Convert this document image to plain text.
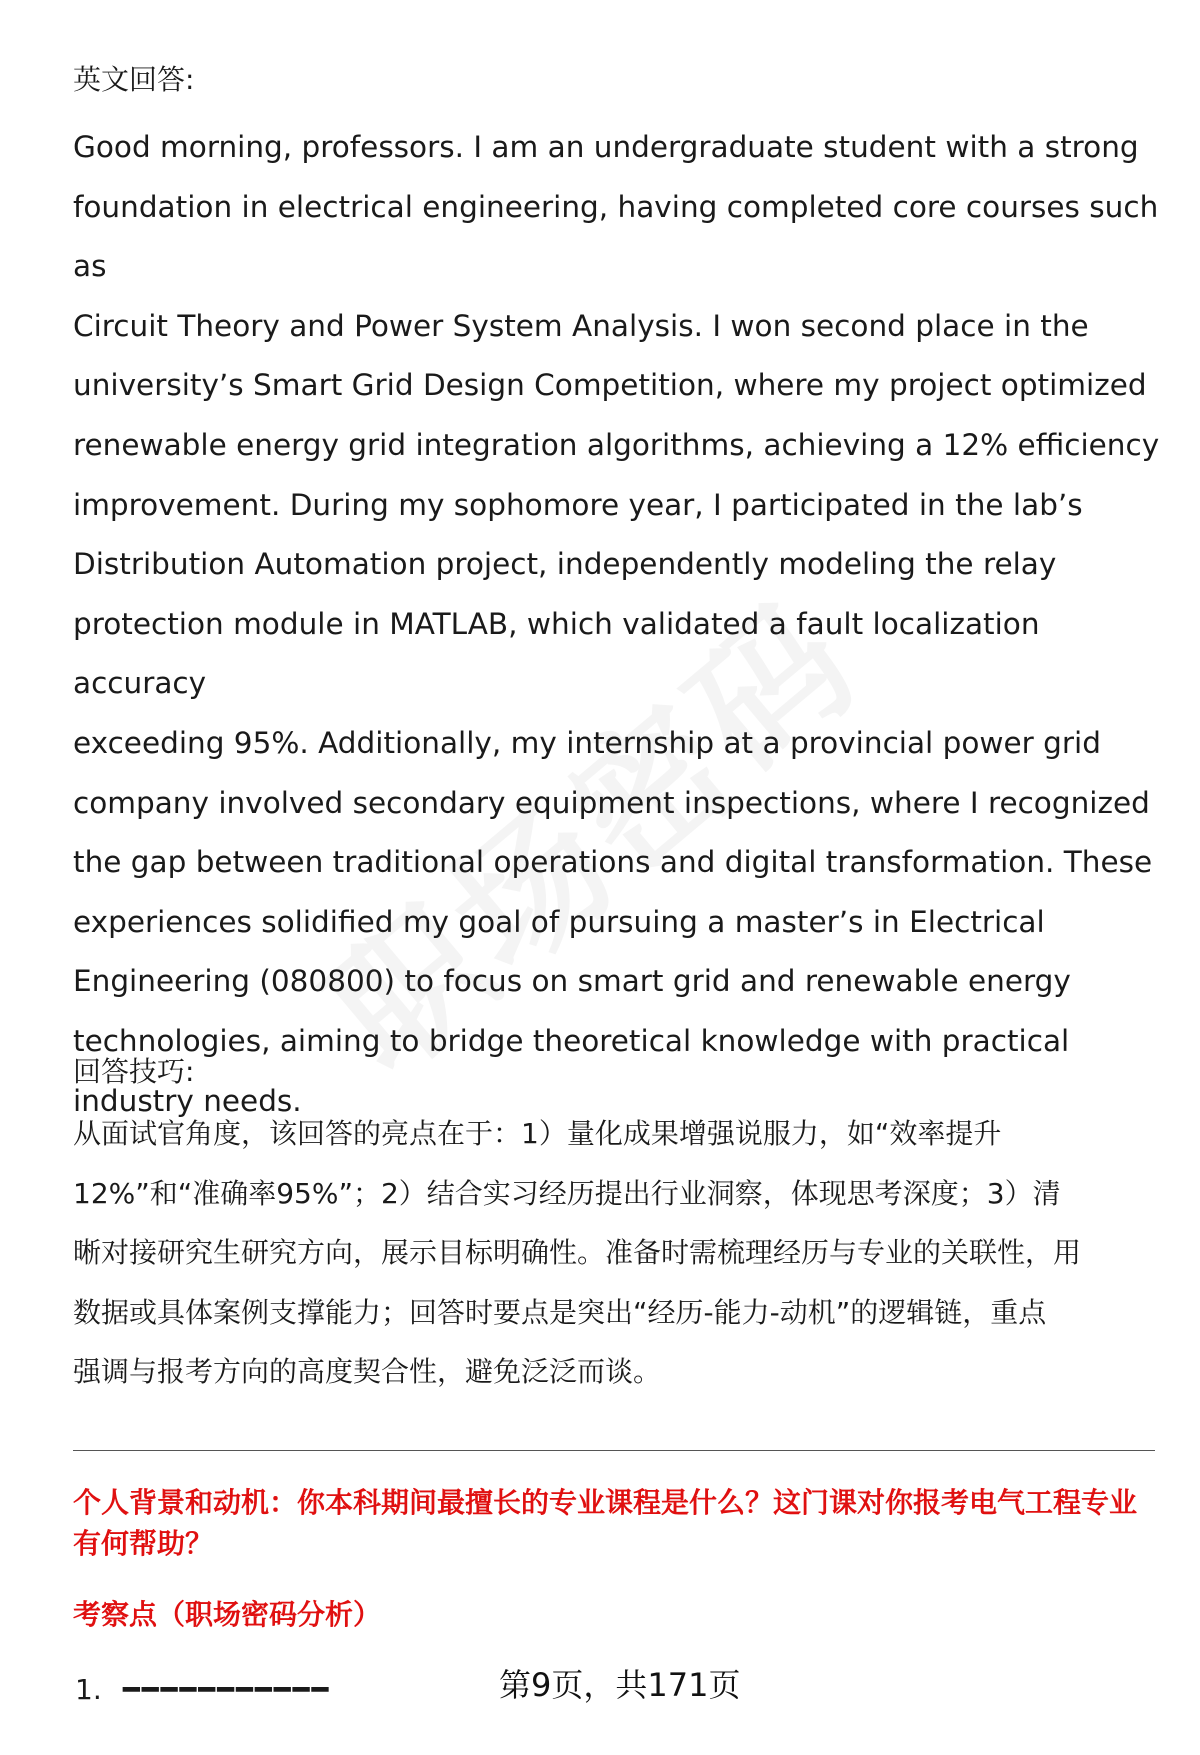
英文回答:

Good morning, professors. I am an undergraduate student with a strong
foundation in electrical engineering, having completed core courses such as
Circuit Theory and Power System Analysis. I won second place in the
university’s Smart Grid Design Competition, where my project optimized
renewable energy grid integration algorithms, achieving a 12% efficiency
improvement. During my sophomore year, I participated in the lab’s
Distribution Automation project, independently modeling the relay
protection module in MATLAB, which validated a fault localization accuracy
exceeding 95%. Additionally, my internship at a provincial power grid
company involved secondary equipment inspections, where I recognized
the gap between traditional operations and digital transformation. These
experiences solidified my goal of pursuing a master’s in Electrical
Engineering (080800) to focus on smart grid and renewable energy
technologies, aiming to bridge theoretical knowledge with practical
industry needs.

回答技巧:

从面试官角度，该回答的亮点在于：1）量化成果增强说服力，如“效率提升
12%”和“准确率95%”；2）结合实习经历提出行业洞察，体现思考深度；3）清
晰对接研究生研究方向，展示目标明确性。准备时需梳理经历与专业的关联性，用
数据或具体案例支撑能力；回答时要点是突出“经历-能力-动机”的逻辑链，重点
强调与报考方向的高度契合性，避免泛泛而谈。

个人背景和动机：你本科期间最擅长的专业课程是什么？这门课对你报考电气工程专业有何帮助？

考察点（职场密码分析）
1. ━━━━━━━━━━━	第9页，共171页
